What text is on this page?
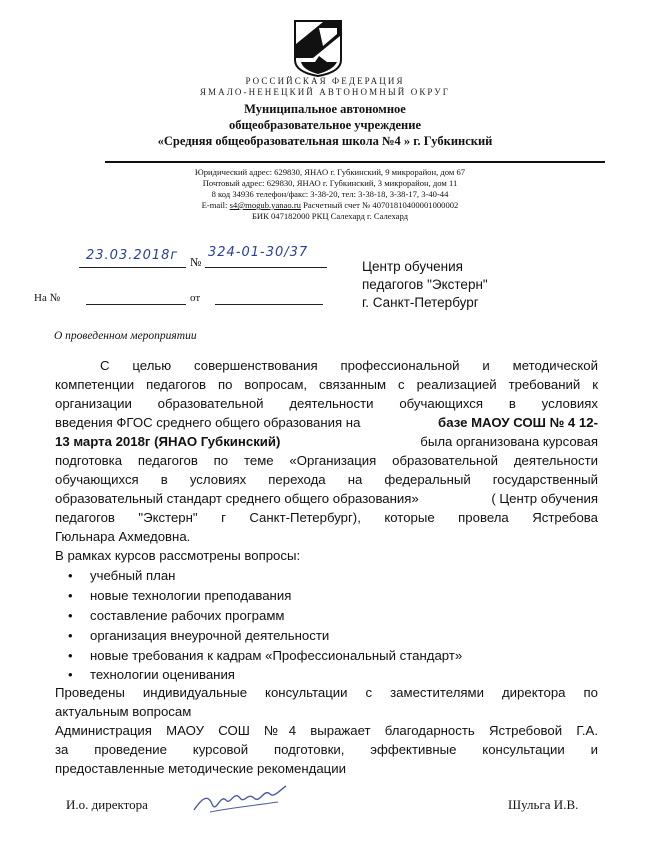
РОССИЙСКАЯ ФЕДЕРАЦИЯ
ЯМАЛО-НЕНЕЦКИЙ АВТОНОМНЫЙ ОКРУГ
Муниципальное автономное
общеобразовательное учреждение
«Средняя общеобразовательная школа №4 » г. Губкинский
Юридический адрес: 629830, ЯНАО г. Губкинский, 9 микрорайон, дом 67
Почтовый адрес: 629830, ЯНАО г. Губкинский, 3 микрорайон, дом 11
8 код 34936 телефон/факс: 3-38-20, тел: 3-38-18, 3-38-17, 3-40-44
E-mail: s4@mogub.yanao.ru Расчетный счет № 40701810400001000002
БИК 047182000 РКЦ Салехард г. Салехард
23.03.2018г №
324-01-30/37
На №	от
Центр обучения
педагогов "Экстерн"
г. Санкт-Петербург
О проведенном мероприятии
С целью совершенствования профессиональной и методической
компетенции педагогов по вопросам, связанным с реализацией требований к
организации образовательной деятельности обучающихся в условиях
введения ФГОС среднего общего образования на	базе МАОУ СОШ № 4 12-
13 марта 2018г (ЯНАО Губкинский)	была организована курсовая
подготовка педагогов по теме «Организация образовательной деятельности
обучающихся в условиях перехода на федеральный государственный
образовательный стандарт среднего общего образования»	( Центр обучения
педагогов "Экстерн" г Санкт-Петербург), которые провела Ястребова
Гюльнара Ахмедовна.
В рамках курсов рассмотрены вопросы:
• учебный план
• новые технологии преподавания
• составление рабочих программ
• организация внеурочной деятельности
• новые требования к кадрам «Профессиональный стандарт»
• технологии оценивания
Проведены индивидуальные консультации с заместителями директора по
актуальным вопросам
Администрация МАОУ СОШ №4 выражает благодарность Ястребовой Г.А.
за проведение курсовой подготовки, эффективные консультации и
предоставленные методические рекомендации
И.о. директора	Шульга И.В.
